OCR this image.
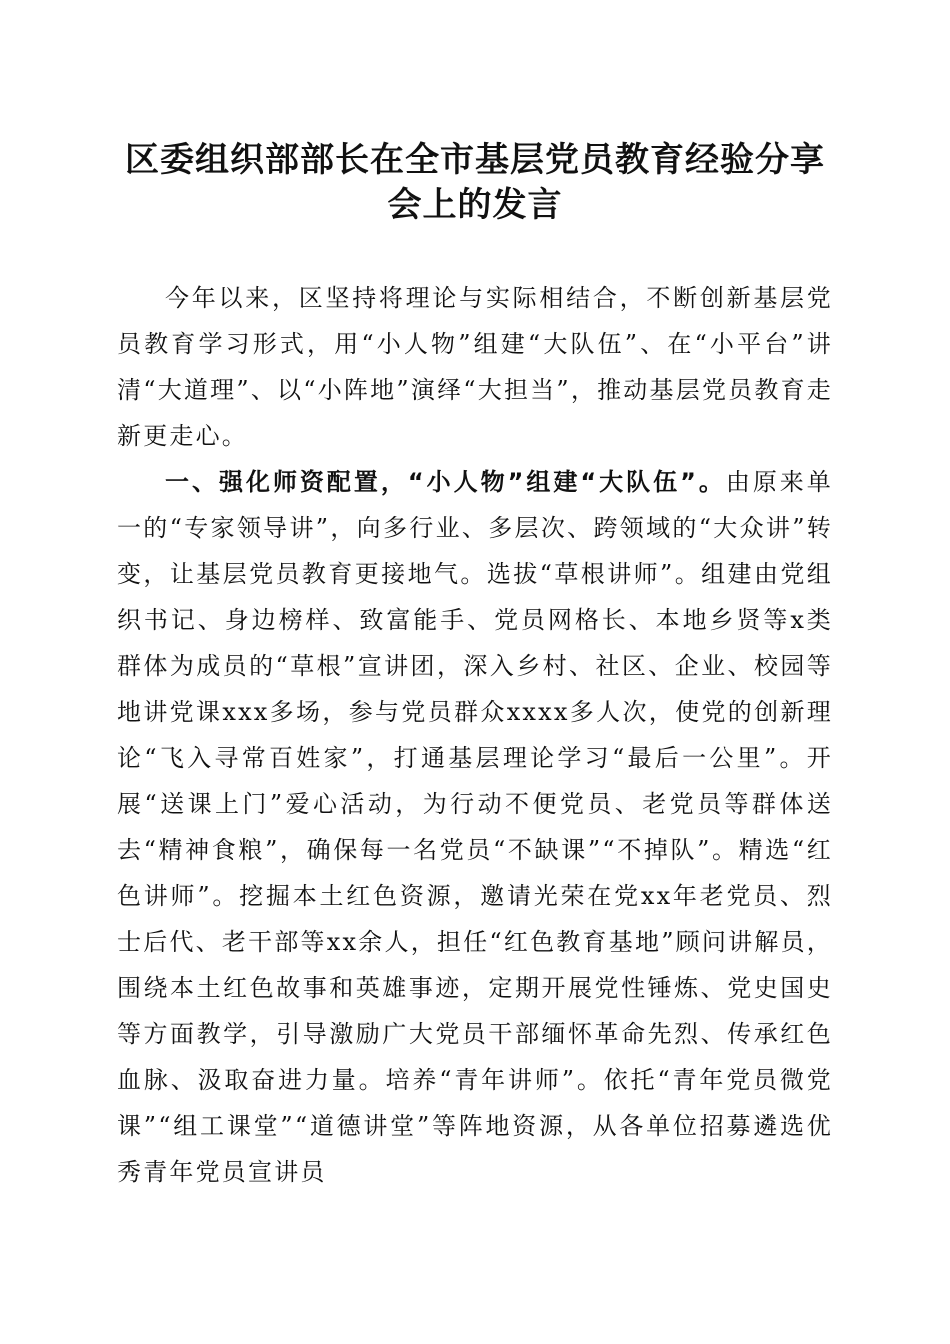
区委组织部部长在全市基层党员教育经验分享
会上的发言

今年以来，区坚持将理论与实际相结合，不断创新基层党员教育学习形式，用“小人物”组建“大队伍”、在“小平台”讲清“大道理”、以“小阵地”演绎“大担当”，推动基层党员教育走新更走心。

一、强化师资配置，“小人物”组建“大队伍”。由原来单一的“专家领导讲”，向多行业、多层次、跨领域的“大众讲”转变，让基层党员教育更接地气。选拔“草根讲师”。组建由党组织书记、身边榜样、致富能手、党员网格长、本地乡贤等x类群体为成员的“草根”宣讲团，深入乡村、社区、企业、校园等地讲党课xxx多场，参与党员群众xxxx多人次，使党的创新理论“飞入寻常百姓家”，打通基层理论学习“最后一公里”。开展“送课上门”爱心活动，为行动不便党员、老党员等群体送去“精神食粮”，确保每一名党员“不缺课”“不掉队”。精选“红色讲师”。挖掘本土红色资源，邀请光荣在党xx年老党员、烈士后代、老干部等xx余人，担任“红色教育基地”顾问讲解员，围绕本土红色故事和英雄事迹，定期开展党性锤炼、党史国史等方面教学，引导激励广大党员干部缅怀革命先烈、传承红色血脉、汲取奋进力量。培养“青年讲师”。依托“青年党员微党课”“组工课堂”“道德讲堂”等阵地资源，从各单位招募遴选优秀青年党员宣讲员
